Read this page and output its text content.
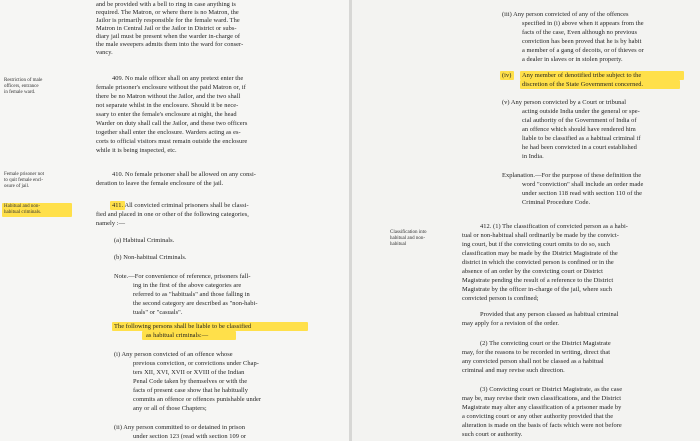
and be provided with a bell to ring in case anything is
required. The Matron, or where there is no Matron, the
Jailor is primarily responsible for the female ward. The
Matron in Central Jail or the Jailor in District or subs-
diary jail must be present when the warder in-charge of
the male sweepers admits them into the ward for conser-
vancy.
Restriction of male
officers, entrance
in female ward.
409. No male officer shall on any pretext enter the
female prisoner's enclosure without the paid Matron or, if
there be no Matron without the Jailor, and the two shall
not separate whilst in the enclosure. Should it be nece-
ssary to enter the female's enclosure at night, the head
Warder on duty shall call the Jailor, and these two officers
together shall enter the enclosure. Warders acting as es-
corts to official visitors must remain outside the enclosure
while it is being inspected, etc.
Female prisoner not
to quit female encl-
osure of jail.
410. No female prisoner shall be allowed on any consi-
deration to leave the female enclosure of the jail.
Habitual and non-
habitual criminals.
411. All convicted criminal prisoners shall be classi-
fied and placed in one or other of the following categories,
namely :—
(a) Habitual Criminals.
(b) Non-habitual Criminals.
Note.—For convenience of reference, prisoners fall-
ing in the first of the above categories are
referred to as "habituals" and those falling in
the second category are described as "non-habi-
tuals" or "casuals".
The following persons shall be liable to be classified
as habitual criminals:—
(i) Any person convicted of an offence whose
previous conviction, or convictions under Chap-
ters XII, XVI, XVII or XVIII of the Indian
Penal Code taken by themselves or with the
facts of present case show that he habitually
commits an offence or offences punishable under
any or all of those Chapters;
(ii) Any person committed to or detained in prison
under section 123 (read with section 109 or
(iii) Any person convicted of any of the offences
specified in (i) above when it appears from the
facts of the case, Even although no previous
conviction has been proved that he is by habit
a member of a gang of decoits, or of thieves or
a dealer in slaves or in stolen property.
(iv) Any member of denotified tribe subject to the
discretion of the State Government concerned.
(v) Any person convicted by a Court or tribunal
acting outside India under the general or spe-
cial authority of the Government of India of
an offence which should have rendered him
liable to be classified as a habitual criminal if
he had been convicted in a court established
in India.
Explanation.—For the purpose of these definition the
word "conviction" shall include an order made
under section 118 read with section 110 of the
Criminal Procedure Code.
Classification into
habitual and non-
habitual
412. (1) The classification of convicted person as a habi-
tual or non-habitual shall ordinarily be made by the convict-
ing court, but if the convicting court omits to do so, such
classification may be made by the District Magistrate of the
district in which the convicted person is confined or in the
absence of an order by the convicting court or District
Magistrate pending the result of a reference to the District
Magistrate by the officer in-charge of the jail, where such
convicted person is confined;
Provided that any person classed as habitual criminal
may apply for a revision of the order.
(2) The convicting court or the District Magistrate
may, for the reasons to be recorded in writing, direct that
any convicted person shall not be classed as a habitual
criminal and may revise such direction.
(3) Convicting court or District Magistrate, as the case
may be, may revise their own classifications, and the District
Magistrate may alter any classification of a prisoner made by
a convicting court or any other authority provided that the
alteration is made on the basis of facts which were not before
such court or authority.
